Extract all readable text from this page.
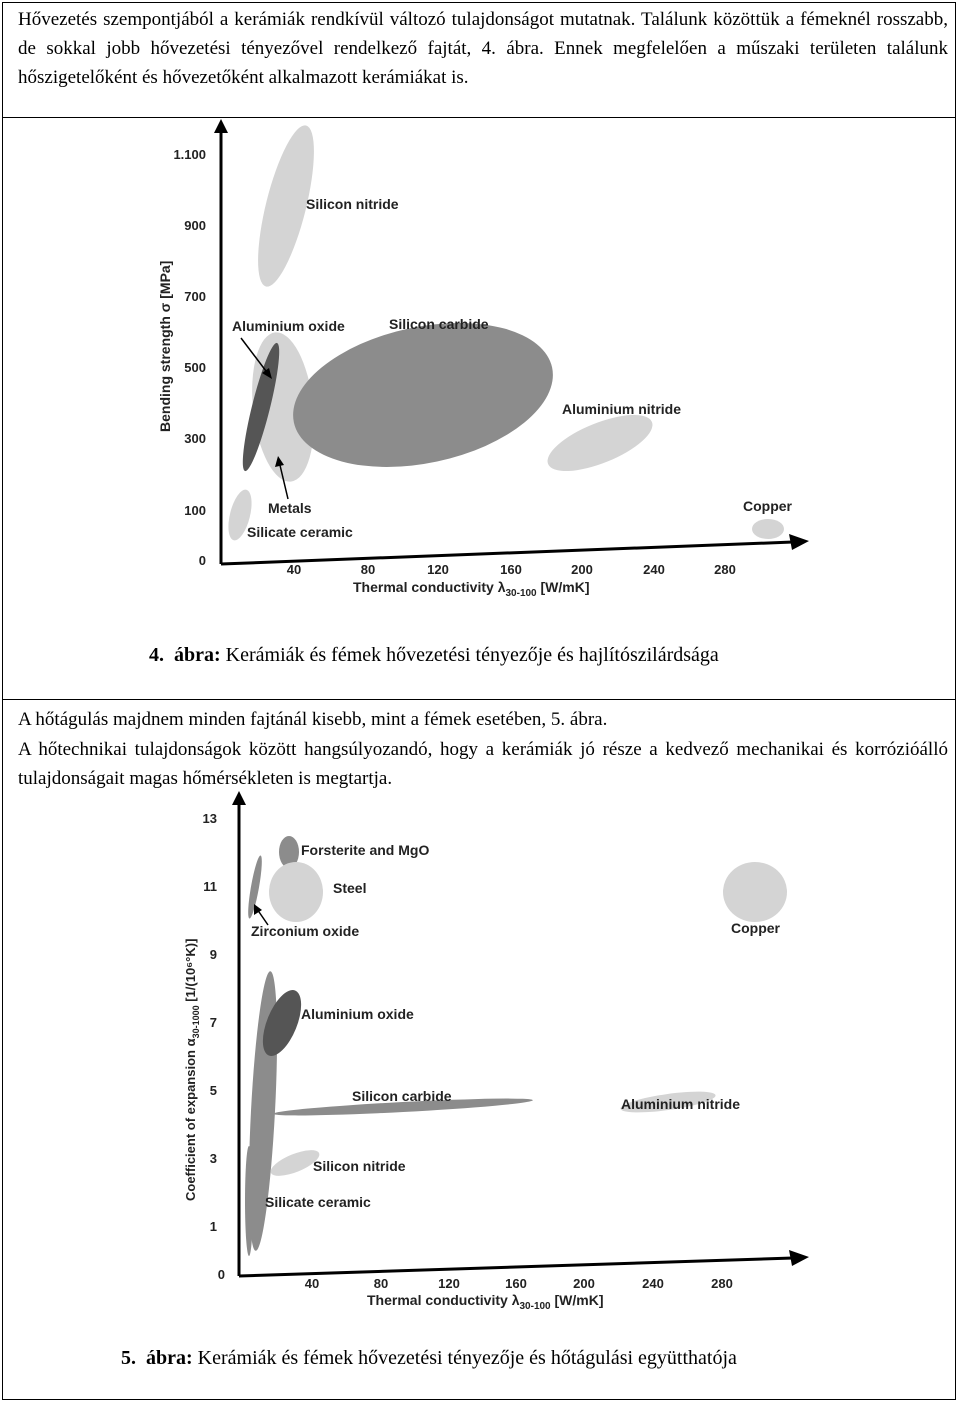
Hővezetés szempontjából a kerámiák rendkívül változó tulajdonságot mutatnak. Találunk közöttük a fémeknél rosszabb, de sokkal jobb hővezetési tényezővel rendelkező fajtát, 4. ábra. Ennek megfelelően a műszaki területen találunk hőszigetelőként és hővezetőként alkalmazott kerámiákat is.

Silicon nitride
Aluminium oxide	Silicon carbide
Aluminium nitride
Copper
Metals
Silicate ceramic
1.100
900
700
500
300
100
0
40	80	120	160	200	240	280
Thermal conductivity $\lambda_{30-100}$ [W/mK]
Bending strength σ [MPa]
4. ábra: Kerámiák és fémek hővezetési tényezője és hajlítószilárdsága

A hőtágulás majdnem minden fajtánál kisebb, mint a fémek esetében, 5. ábra.
A hőtechnikai tulajdonságok között hangsúlyozandó, hogy a kerámiák jó része a kedvező mechanikai és korrózióálló tulajdonságait magas hőmérsékleten is megtartja.

Forsterite and MgO
Steel
Zirconium oxide	Copper
Aluminium oxide
Silicon carbide	Aluminium nitride
Silicon nitride
Silicate ceramic
13
11
9
7
5
3
1
0
40	80	120	160	200	240	280
Thermal conductivity $\lambda_{30-100}$ [W/mK]
Coefficient of expansion $\alpha_{30-1000}$ [1/(10⁶°K)]
5. ábra: Kerámiák és fémek hővezetési tényezője és hőtágulási együtthatója
